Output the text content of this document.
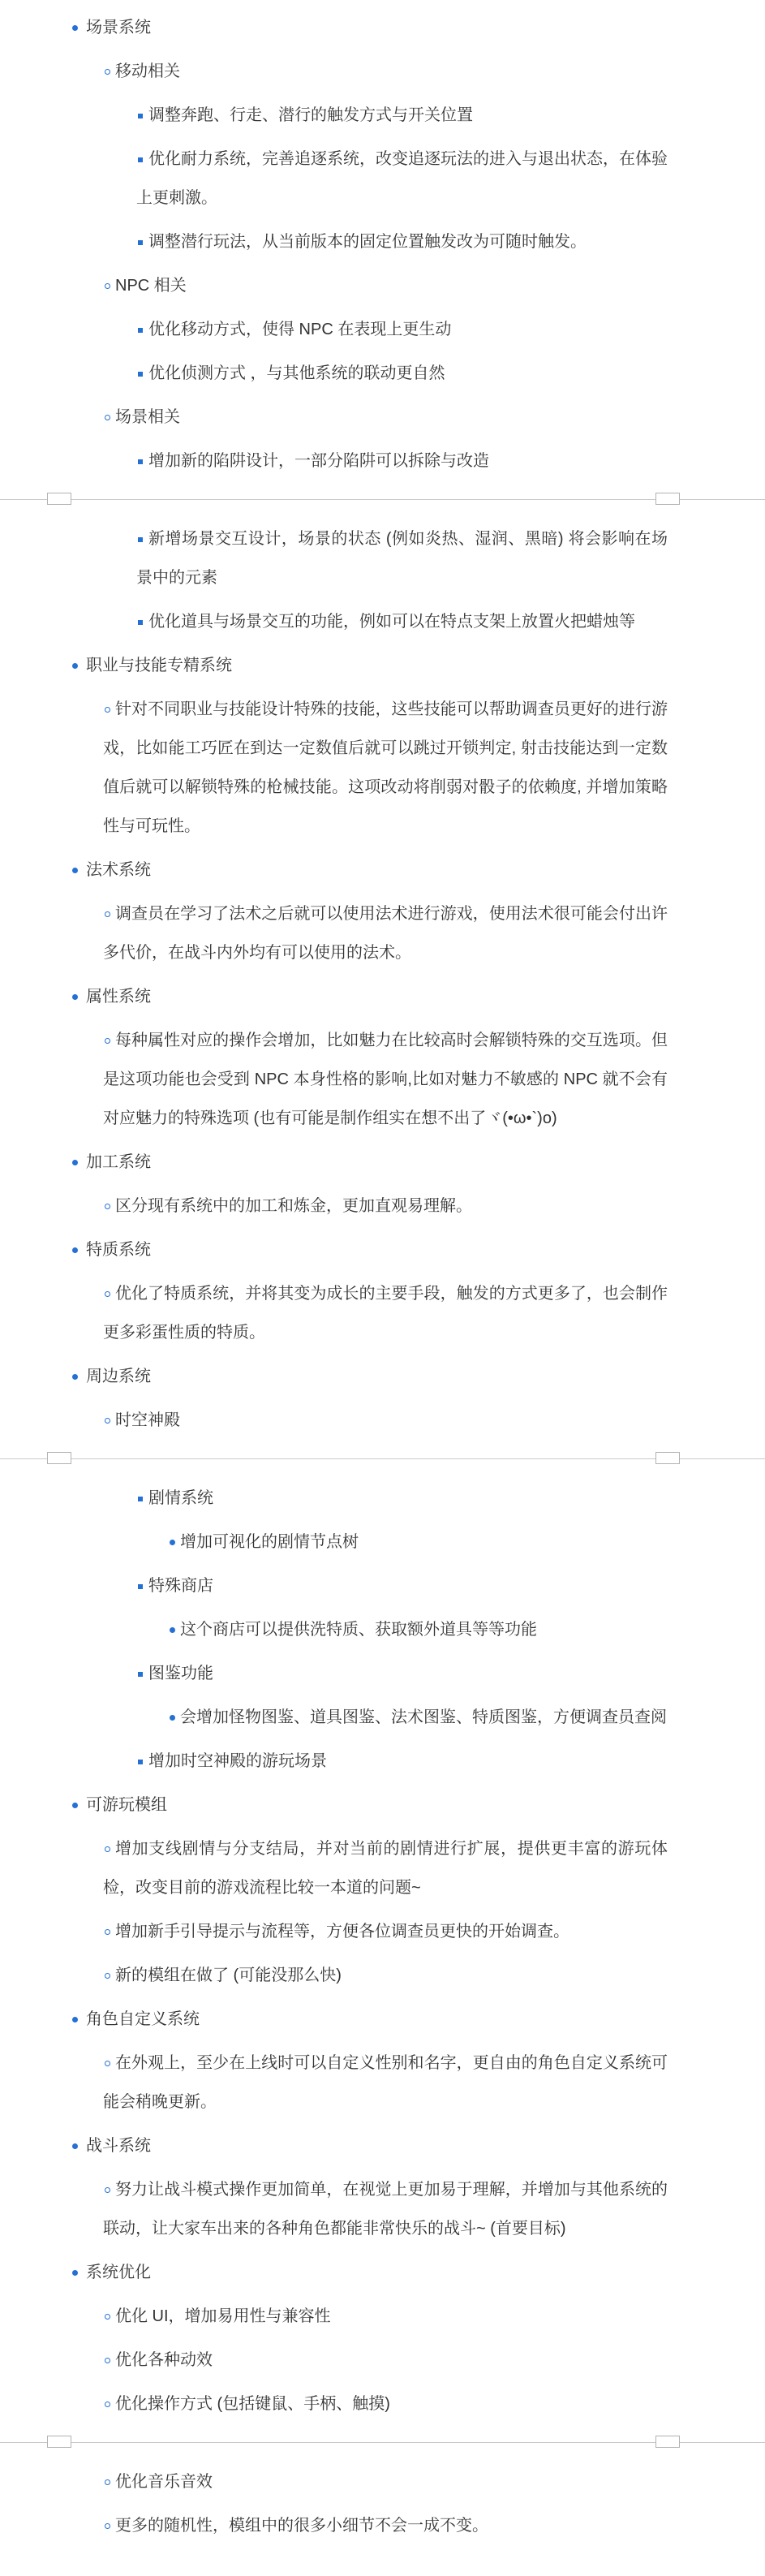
场景系统
移动相关
调整奔跑、行走、潜行的触发方式与开关位置
优化耐力系统，完善追逐系统，改变追逐玩法的进入与退出状态，在体验上更刺激。
调整潜行玩法，从当前版本的固定位置触发改为可随时触发。
NPC 相关
优化移动方式，使得 NPC 在表现上更生动
优化侦测方式 ，与其他系统的联动更自然
场景相关
增加新的陷阱设计，一部分陷阱可以拆除与改造
新增场景交互设计，场景的状态 (例如炎热、湿润、黑暗) 将会影响在场景中的元素
优化道具与场景交互的功能，例如可以在特点支架上放置火把蜡烛等
职业与技能专精系统
针对不同职业与技能设计特殊的技能，这些技能可以帮助调查员更好的进行游戏，比如能工巧匠在到达一定数值后就可以跳过开锁判定, 射击技能达到一定数值后就可以解锁特殊的枪械技能。这项改动将削弱对骰子的依赖度, 并增加策略性与可玩性。
法术系统
调查员在学习了法术之后就可以使用法术进行游戏，使用法术很可能会付出许多代价，在战斗内外均有可以使用的法术。
属性系统
每种属性对应的操作会增加，比如魅力在比较高时会解锁特殊的交互选项。但是这项功能也会受到 NPC 本身性格的影响,比如对魅力不敏感的 NPC 就不会有对应魅力的特殊选项 (也有可能是制作组实在想不出了ヾ(•ω•`)o)
加工系统
区分现有系统中的加工和炼金，更加直观易理解。
特质系统
优化了特质系统，并将其变为成长的主要手段，触发的方式更多了，也会制作更多彩蛋性质的特质。
周边系统
时空神殿
剧情系统
增加可视化的剧情节点树
特殊商店
这个商店可以提供洗特质、获取额外道具等等功能
图鉴功能
会增加怪物图鉴、道具图鉴、法术图鉴、特质图鉴，方便调查员查阅
增加时空神殿的游玩场景
可游玩模组
增加支线剧情与分支结局，并对当前的剧情进行扩展，提供更丰富的游玩体检，改变目前的游戏流程比较一本道的问题~
增加新手引导提示与流程等，方便各位调查员更快的开始调查。
新的模组在做了 (可能没那么快)
角色自定义系统
在外观上，至少在上线时可以自定义性别和名字，更自由的角色自定义系统可能会稍晚更新。
战斗系统
努力让战斗模式操作更加简单，在视觉上更加易于理解，并增加与其他系统的联动，让大家车出来的各种角色都能非常快乐的战斗~ (首要目标)
系统优化
优化 UI，增加易用性与兼容性
优化各种动效
优化操作方式 (包括键鼠、手柄、触摸)
优化音乐音效
更多的随机性，模组中的很多小细节不会一成不变。
